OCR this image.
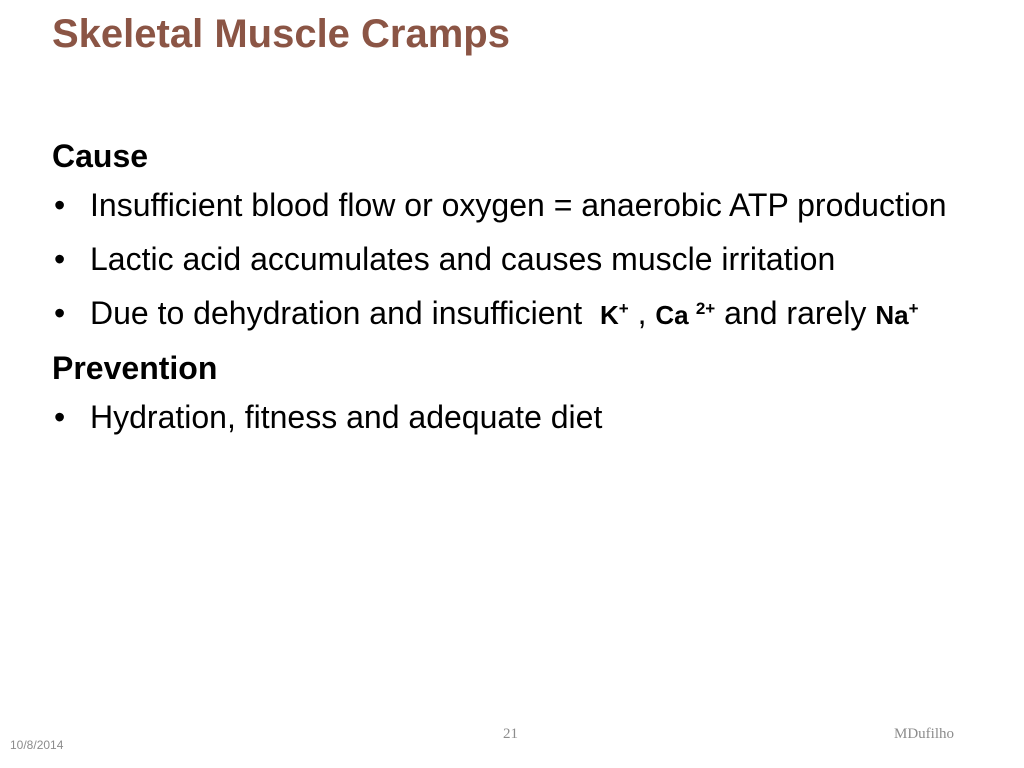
Skeletal Muscle Cramps
Cause
• Insufficient blood flow or oxygen = anaerobic ATP production
• Lactic acid accumulates and causes muscle irritation
• Due to dehydration and insufficient K+ , Ca $^{2+}$ and rarely Na+
Prevention
• Hydration, fitness and adequate diet
10/8/2014
21	MDufilho
